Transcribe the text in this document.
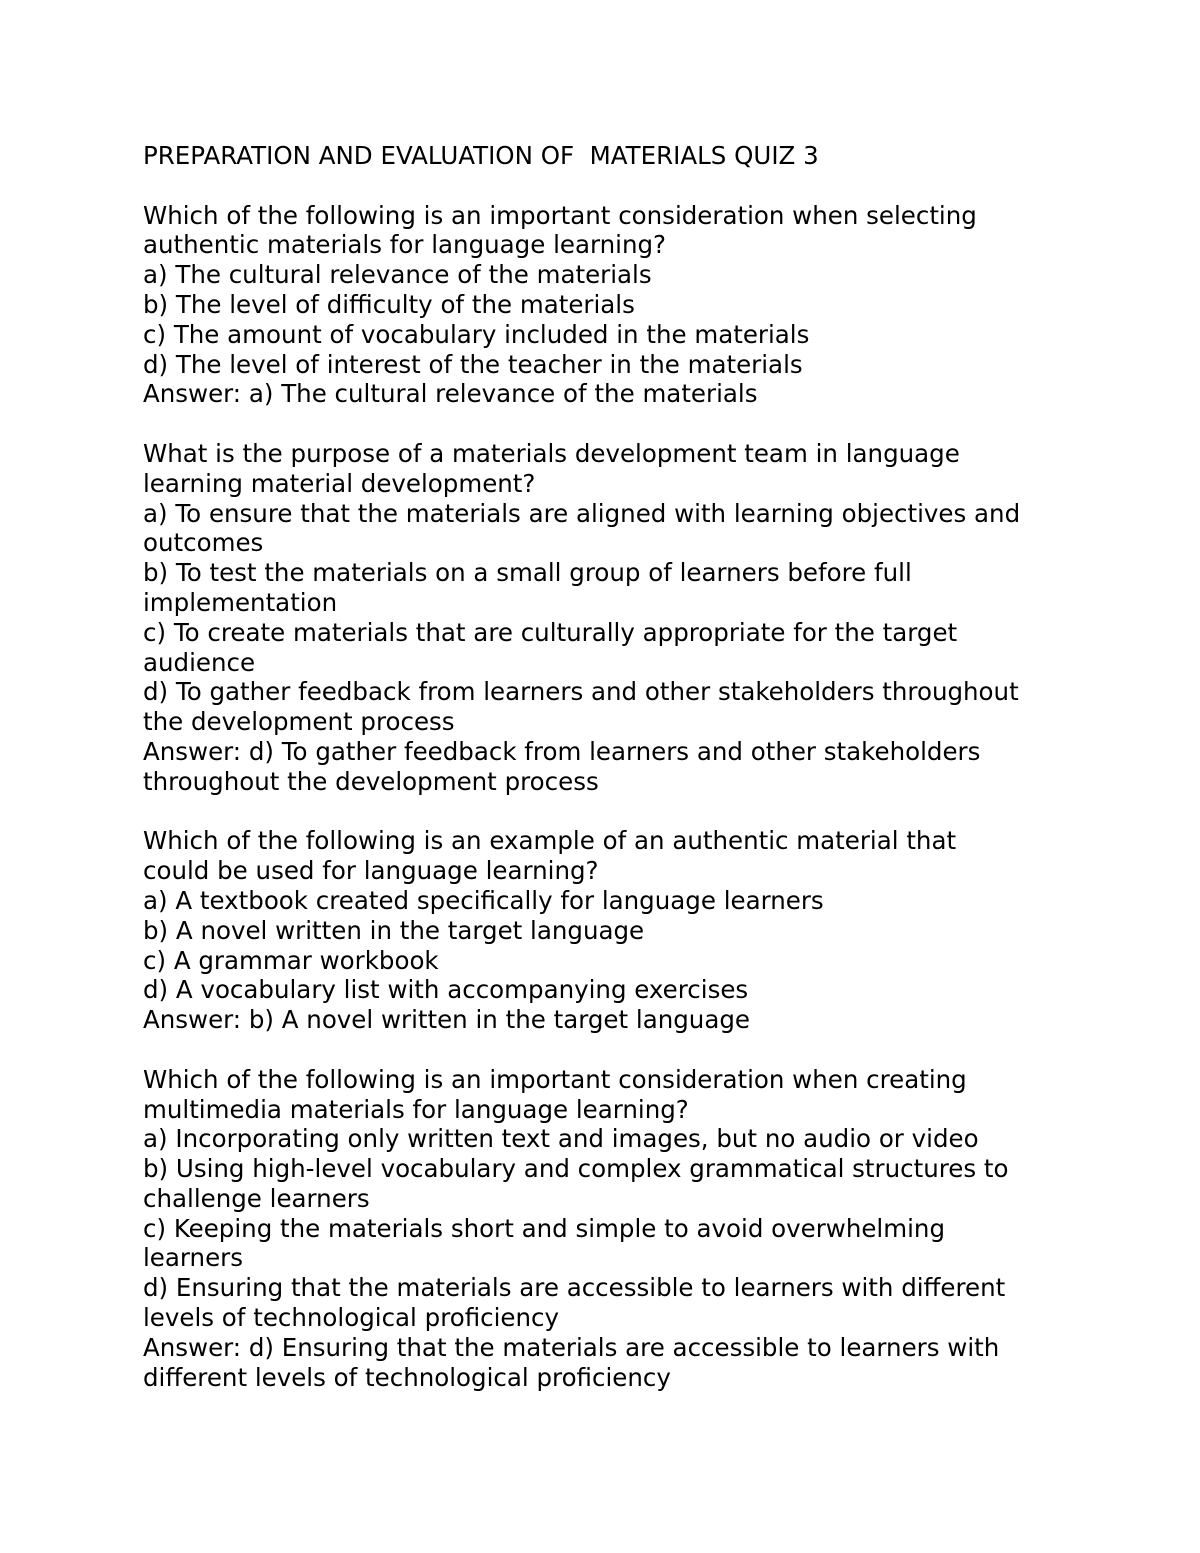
PREPARATION AND EVALUATION OF  MATERIALS QUIZ 3
Which of the following is an important consideration when selecting
authentic materials for language learning?
a) The cultural relevance of the materials
b) The level of difficulty of the materials
c) The amount of vocabulary included in the materials
d) The level of interest of the teacher in the materials
Answer: a) The cultural relevance of the materials
What is the purpose of a materials development team in language
learning material development?
a) To ensure that the materials are aligned with learning objectives and
outcomes
b) To test the materials on a small group of learners before full
implementation
c) To create materials that are culturally appropriate for the target
audience
d) To gather feedback from learners and other stakeholders throughout
the development process
Answer: d) To gather feedback from learners and other stakeholders
throughout the development process
Which of the following is an example of an authentic material that
could be used for language learning?
a) A textbook created specifically for language learners
b) A novel written in the target language
c) A grammar workbook
d) A vocabulary list with accompanying exercises
Answer: b) A novel written in the target language
Which of the following is an important consideration when creating
multimedia materials for language learning?
a) Incorporating only written text and images, but no audio or video
b) Using high-level vocabulary and complex grammatical structures to
challenge learners
c) Keeping the materials short and simple to avoid overwhelming
learners
d) Ensuring that the materials are accessible to learners with different
levels of technological proficiency
Answer: d) Ensuring that the materials are accessible to learners with
different levels of technological proficiency
